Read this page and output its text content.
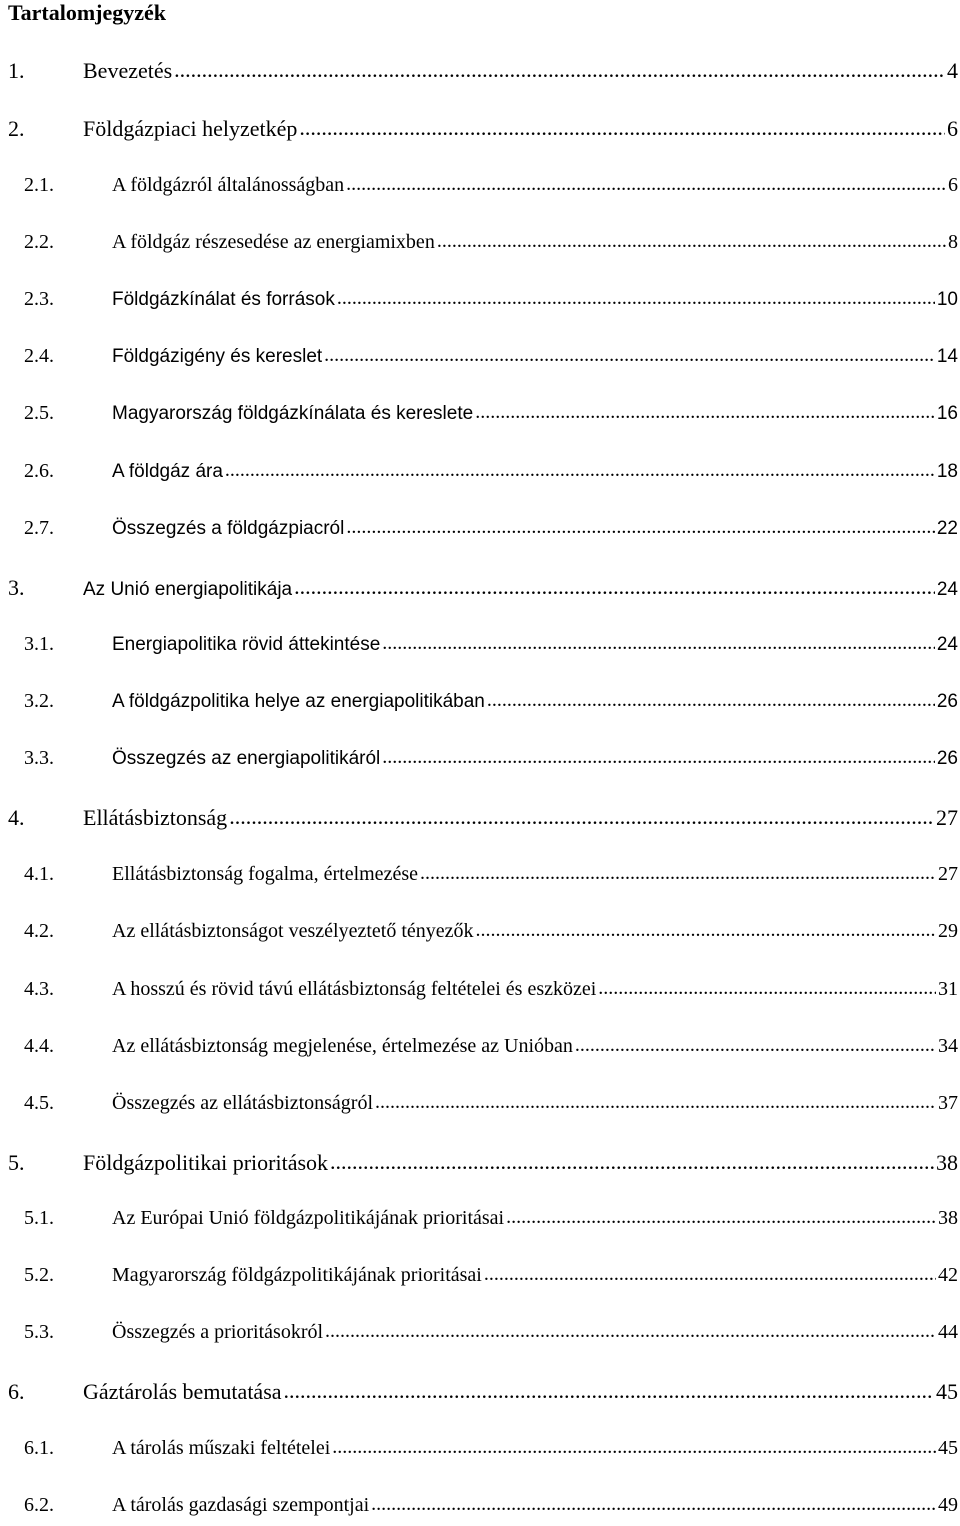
Tartalomjegyzék
1.	Bevezetés .....	4
2.	Földgázpiaci helyzetkép .....	6
2.1.	A földgázról általánosságban .....	6
2.2.	A földgáz részesedése az energiamixben .....	8
2.3.	Földgázkínálat és források .....	10
2.4.	Földgázigény és kereslet .....	14
2.5.	Magyarország földgázkínálata és kereslete .....	16
2.6.	A földgáz ára .....	18
2.7.	Összegzés a földgázpiacról .....	22
3.	Az Unió energiapolitikája .....	24
3.1.	Energiapolitika rövid áttekintése .....	24
3.2.	A földgázpolitika helye az energiapolitikában .....	26
3.3.	Összegzés az energiapolitikáról .....	26
4.	Ellátásbiztonság .....	27
4.1.	Ellátásbiztonság fogalma, értelmezése .....	27
4.2.	Az ellátásbiztonságot veszélyeztető tényezők .....	29
4.3.	A hosszú és rövid távú ellátásbiztonság feltételei és eszközei .....	31
4.4.	Az ellátásbiztonság megjelenése, értelmezése az Unióban .....	34
4.5.	Összegzés az ellátásbiztonságról .....	37
5.	Földgázpolitikai prioritások .....	38
5.1.	Az Európai Unió földgázpolitikájának prioritásai .....	38
5.2.	Magyarország földgázpolitikájának prioritásai .....	42
5.3.	Összegzés a prioritásokról .....	44
6.	Gáztárolás bemutatása .....	45
6.1.	A tárolás műszaki feltételei .....	45
6.2.	A tárolás gazdasági szempontjai .....	49
